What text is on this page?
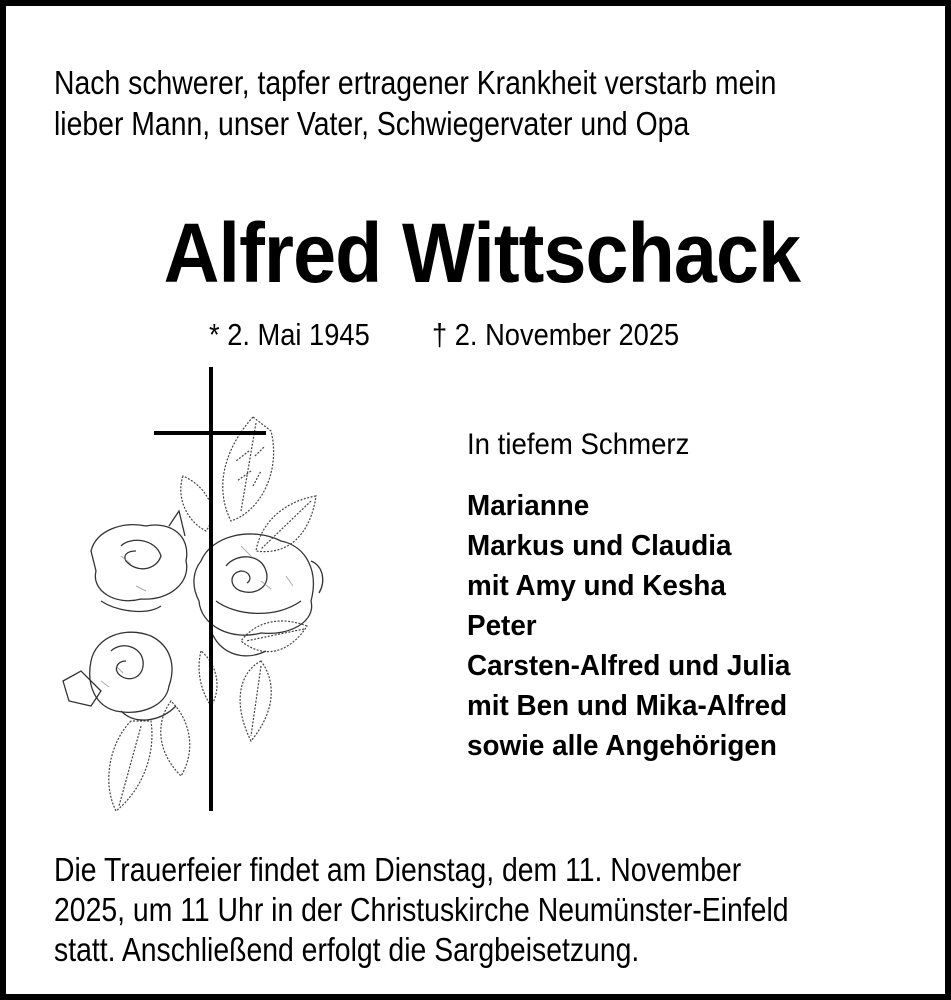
Nach schwerer, tapfer ertragener Krankheit verstarb mein
lieber Mann, unser Vater, Schwiegervater und Opa
Alfred Wittschack
* 2. Mai 1945 † 2. November 2025
In tiefem Schmerz
Marianne
Markus und Claudia
mit Amy und Kesha
Peter
Carsten-Alfred und Julia
mit Ben und Mika-Alfred
sowie alle Angehörigen
Die Trauerfeier findet am Dienstag, dem 11. November
2025, um 11 Uhr in der Christuskirche Neumünster-Einfeld
statt. Anschließend erfolgt die Sargbeisetzung.
